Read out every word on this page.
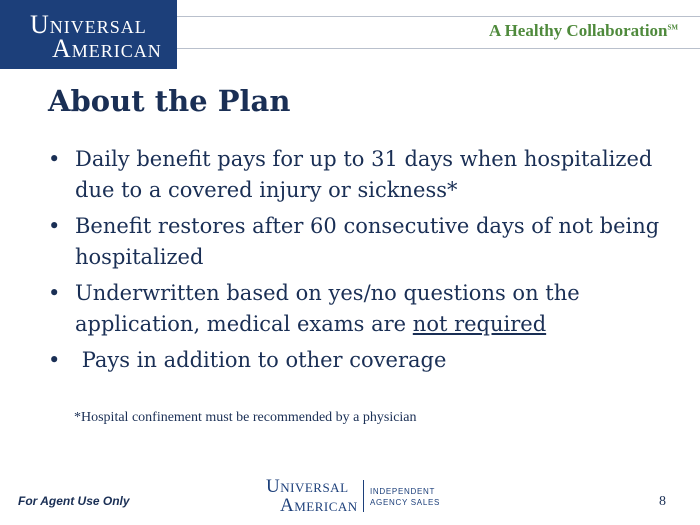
UNIVERSAL
AMERICAN
A Healthy Collaboration℠
About the Plan
• Daily benefit pays for up to 31 days when hospitalized due to a covered injury or sickness*
• Benefit restores after 60 consecutive days of not being hospitalized
• Underwritten based on yes/no questions on the application, medical exams are not required
• Pays in addition to other coverage
*Hospital confinement must be recommended by a physician
For Agent Use Only
UNIVERSAL
AMERICAN
INDEPENDENT
AGENCY SALES	8
